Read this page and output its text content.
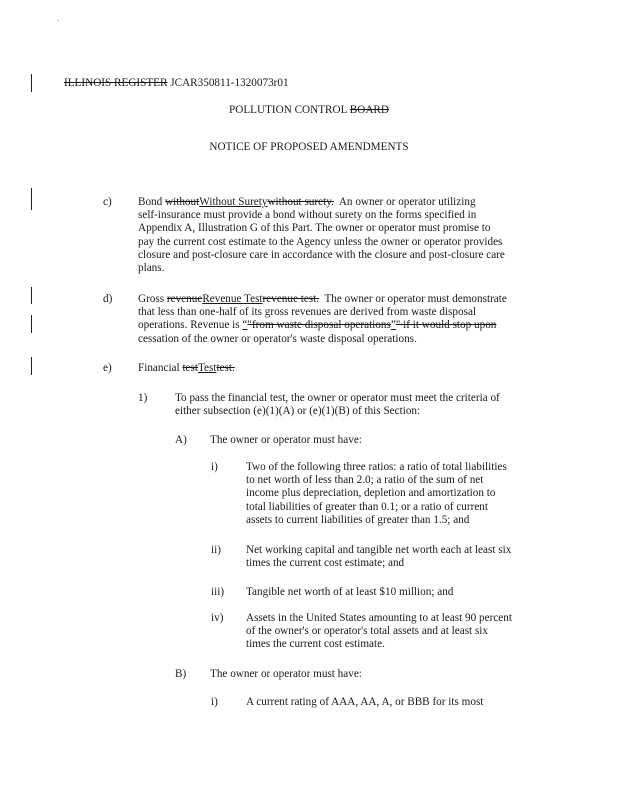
ILLINOIS REGISTER JCAR350811-1320073r01
POLLUTION CONTROL BOARD
NOTICE OF PROPOSED AMENDMENTS
c) Bond withoutWithout Suretywithout surety.  An owner or operator utilizing
self-insurance must provide a bond without surety on the forms specified in
Appendix A, Illustration G of this Part. The owner or operator must promise to
pay the current cost estimate to the Agency unless the owner or operator provides
closure and post-closure care in accordance with the closure and post-closure care
plans.
d) Gross revenueRevenue Testrevenue test.  The owner or operator must demonstrate
that less than one-half of its gross revenues are derived from waste disposal
operations. Revenue is “"from waste disposal operations”" if it would stop upon
cessation of the owner or operator's waste disposal operations.
e) Financial testTesttest.
1) To pass the financial test, the owner or operator must meet the criteria of
either subsection (e)(1)(A) or (e)(1)(B) of this Section:
A) The owner or operator must have:
i)	Two of the following three ratios: a ratio of total liabilities
to net worth of less than 2.0; a ratio of the sum of net
income plus depreciation, depletion and amortization to
total liabilities of greater than 0.1; or a ratio of current
assets to current liabilities of greater than 1.5; and
ii) Net working capital and tangible net worth each at least six
times the current cost estimate; and
iii) Tangible net worth of at least $10 million; and
iv) Assets in the United States amounting to at least 90 percent
of the owner's or operator's total assets and at least six
times the current cost estimate.
B) The owner or operator must have:
i)	A current rating of AAA, AA, A, or BBB for its most
